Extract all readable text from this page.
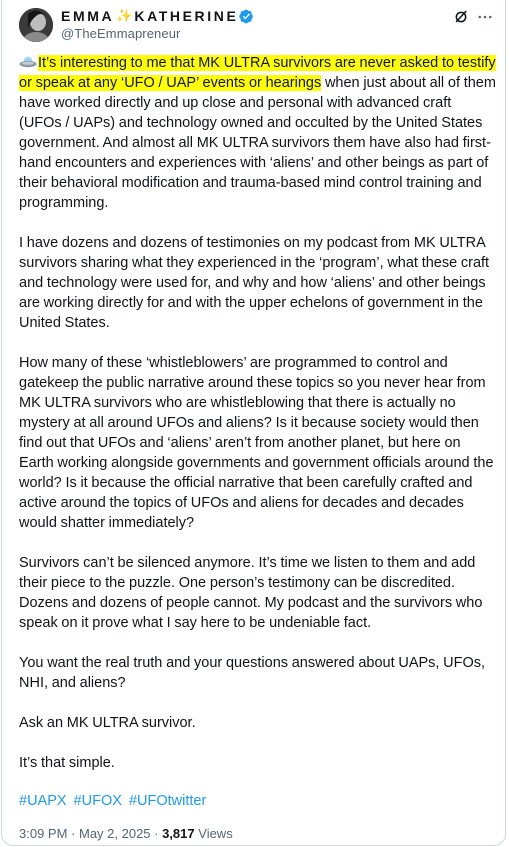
EMMA ✨ KATHERINE
@TheEmmapreneur

It’s interesting to me that MK ULTRA survivors are never asked to testify or speak at any ‘UFO / UAP’ events or hearings when just about all of them have worked directly and up close and personal with advanced craft (UFOs / UAPs) and technology owned and occulted by the United States government. And almost all MK ULTRA survivors them have also had first-hand encounters and experiences with ‘aliens’ and other beings as part of their behavioral modification and trauma-based mind control training and programming.

I have dozens and dozens of testimonies on my podcast from MK ULTRA survivors sharing what they experienced in the ‘program’, what these craft and technology were used for, and why and how ‘aliens’ and other beings are working directly for and with the upper echelons of government in the United States.

How many of these ‘whistleblowers’ are programmed to control and gatekeep the public narrative around these topics so you never hear from MK ULTRA survivors who are whistleblowing that there is actually no mystery at all around UFOs and aliens? Is it because society would then find out that UFOs and ‘aliens’ aren’t from another planet, but here on Earth working alongside governments and government officials around the world? Is it because the official narrative that been carefully crafted and active around the topics of UFOs and aliens for decades and decades would shatter immediately?

Survivors can’t be silenced anymore. It’s time we listen to them and add their piece to the puzzle. One person’s testimony can be discredited. Dozens and dozens of people cannot. My podcast and the survivors who speak on it prove what I say here to be undeniable fact.

You want the real truth and your questions answered about UAPs, UFOs, NHI, and aliens?

Ask an MK ULTRA survivor.

It’s that simple.

#UAPX #UFOX #UFOtwitter
3:09 PM · May 2, 2025 · 3,817 Views
